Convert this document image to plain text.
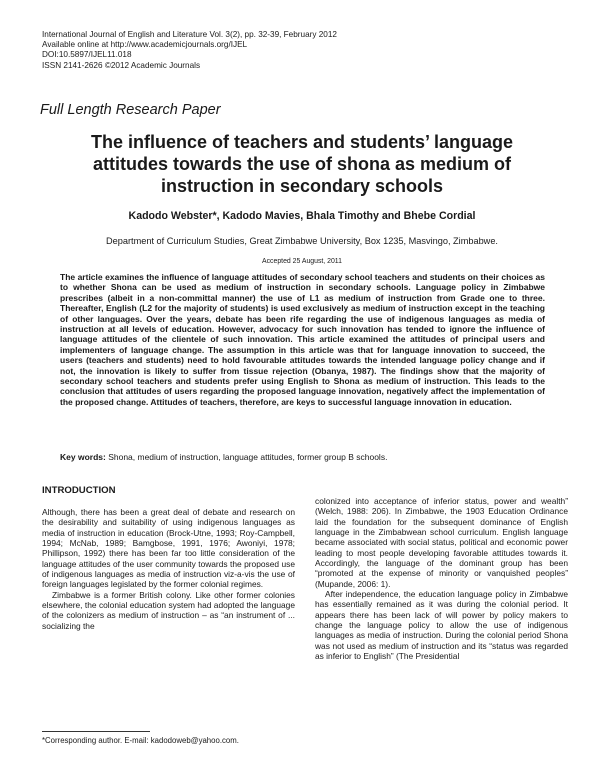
International Journal of English and Literature Vol. 3(2), pp. 32-39, February 2012
Available online at http://www.academicjournals.org/IJEL
DOI:10.5897/IJEL11.018
ISSN 2141-2626 ©2012 Academic Journals
Full Length Research Paper
The influence of teachers and students’ language
attitudes towards the use of shona as medium of
instruction in secondary schools
Kadodo Webster*, Kadodo Mavies, Bhala Timothy and Bhebe Cordial
Department of Curriculum Studies, Great Zimbabwe University, Box 1235, Masvingo, Zimbabwe.
Accepted 25 August, 2011
The article examines the influence of language attitudes of secondary school teachers and students on their choices as to whether Shona can be used as medium of instruction in secondary schools. Language policy in Zimbabwe prescribes (albeit in a non-committal manner) the use of L1 as medium of instruction from Grade one to three. Thereafter, English (L2 for the majority of students) is used exclusively as medium of instruction except in the teaching of other languages. Over the years, debate has been rife regarding the use of indigenous languages as media of instruction at all levels of education. However, advocacy for such innovation has tended to ignore the influence of language attitudes of the clientele of such innovation. This article examined the attitudes of principal users and implementers of language change. The assumption in this article was that for language innovation to succeed, the users (teachers and students) need to hold favourable attitudes towards the intended language policy change and if not, the innovation is likely to suffer from tissue rejection (Obanya, 1987). The findings show that the majority of secondary school teachers and students prefer using English to Shona as medium of instruction. This leads to the conclusion that attitudes of users regarding the proposed language innovation, negatively affect the implementation of the proposed change. Attitudes of teachers, therefore, are keys to successful language innovation in education.
Key words: Shona, medium of instruction, language attitudes, former group B schools.
INTRODUCTION

Although, there has been a great deal of debate and research on the desirability and suitability of using indigenous languages as media of instruction in education (Brock-Utne, 1993; Roy-Campbell, 1994; McNab, 1989; Bamgbose, 1991, 1976; Awoniyi, 1978; Phillipson, 1992) there has been far too little consideration of the language attitudes of the user community towards the proposed use of indigenous languages as media of instruction viz-a-vis the use of foreign languages legislated by the former colonial regimes.

Zimbabwe is a former British colony. Like other former colonies elsewhere, the colonial education system had adopted the language of the colonizers as medium of instruction – as “an instrument of ... socializing the

colonized into acceptance of inferior status, power and wealth” (Welch, 1988: 206). In Zimbabwe, the 1903 Education Ordinance laid the foundation for the subsequent dominance of English language in the Zimbabwean school curriculum. English language became associated with social status, political and economic power leading to most people developing favorable attitudes towards it. Accordingly, the language of the dominant group has been “promoted at the expense of minority or vanquished peoples” (Mupande, 2006: 1).

After independence, the education language policy in Zimbabwe has essentially remained as it was during the colonial period. It appears there has been lack of will power by policy makers to change the language policy to allow the use of indigenous languages as media of instruction. During the colonial period Shona was not used as medium of instruction and its “status was regarded as inferior to English” (The Presidential

*Corresponding author. E-mail: kadodoweb@yahoo.com.
